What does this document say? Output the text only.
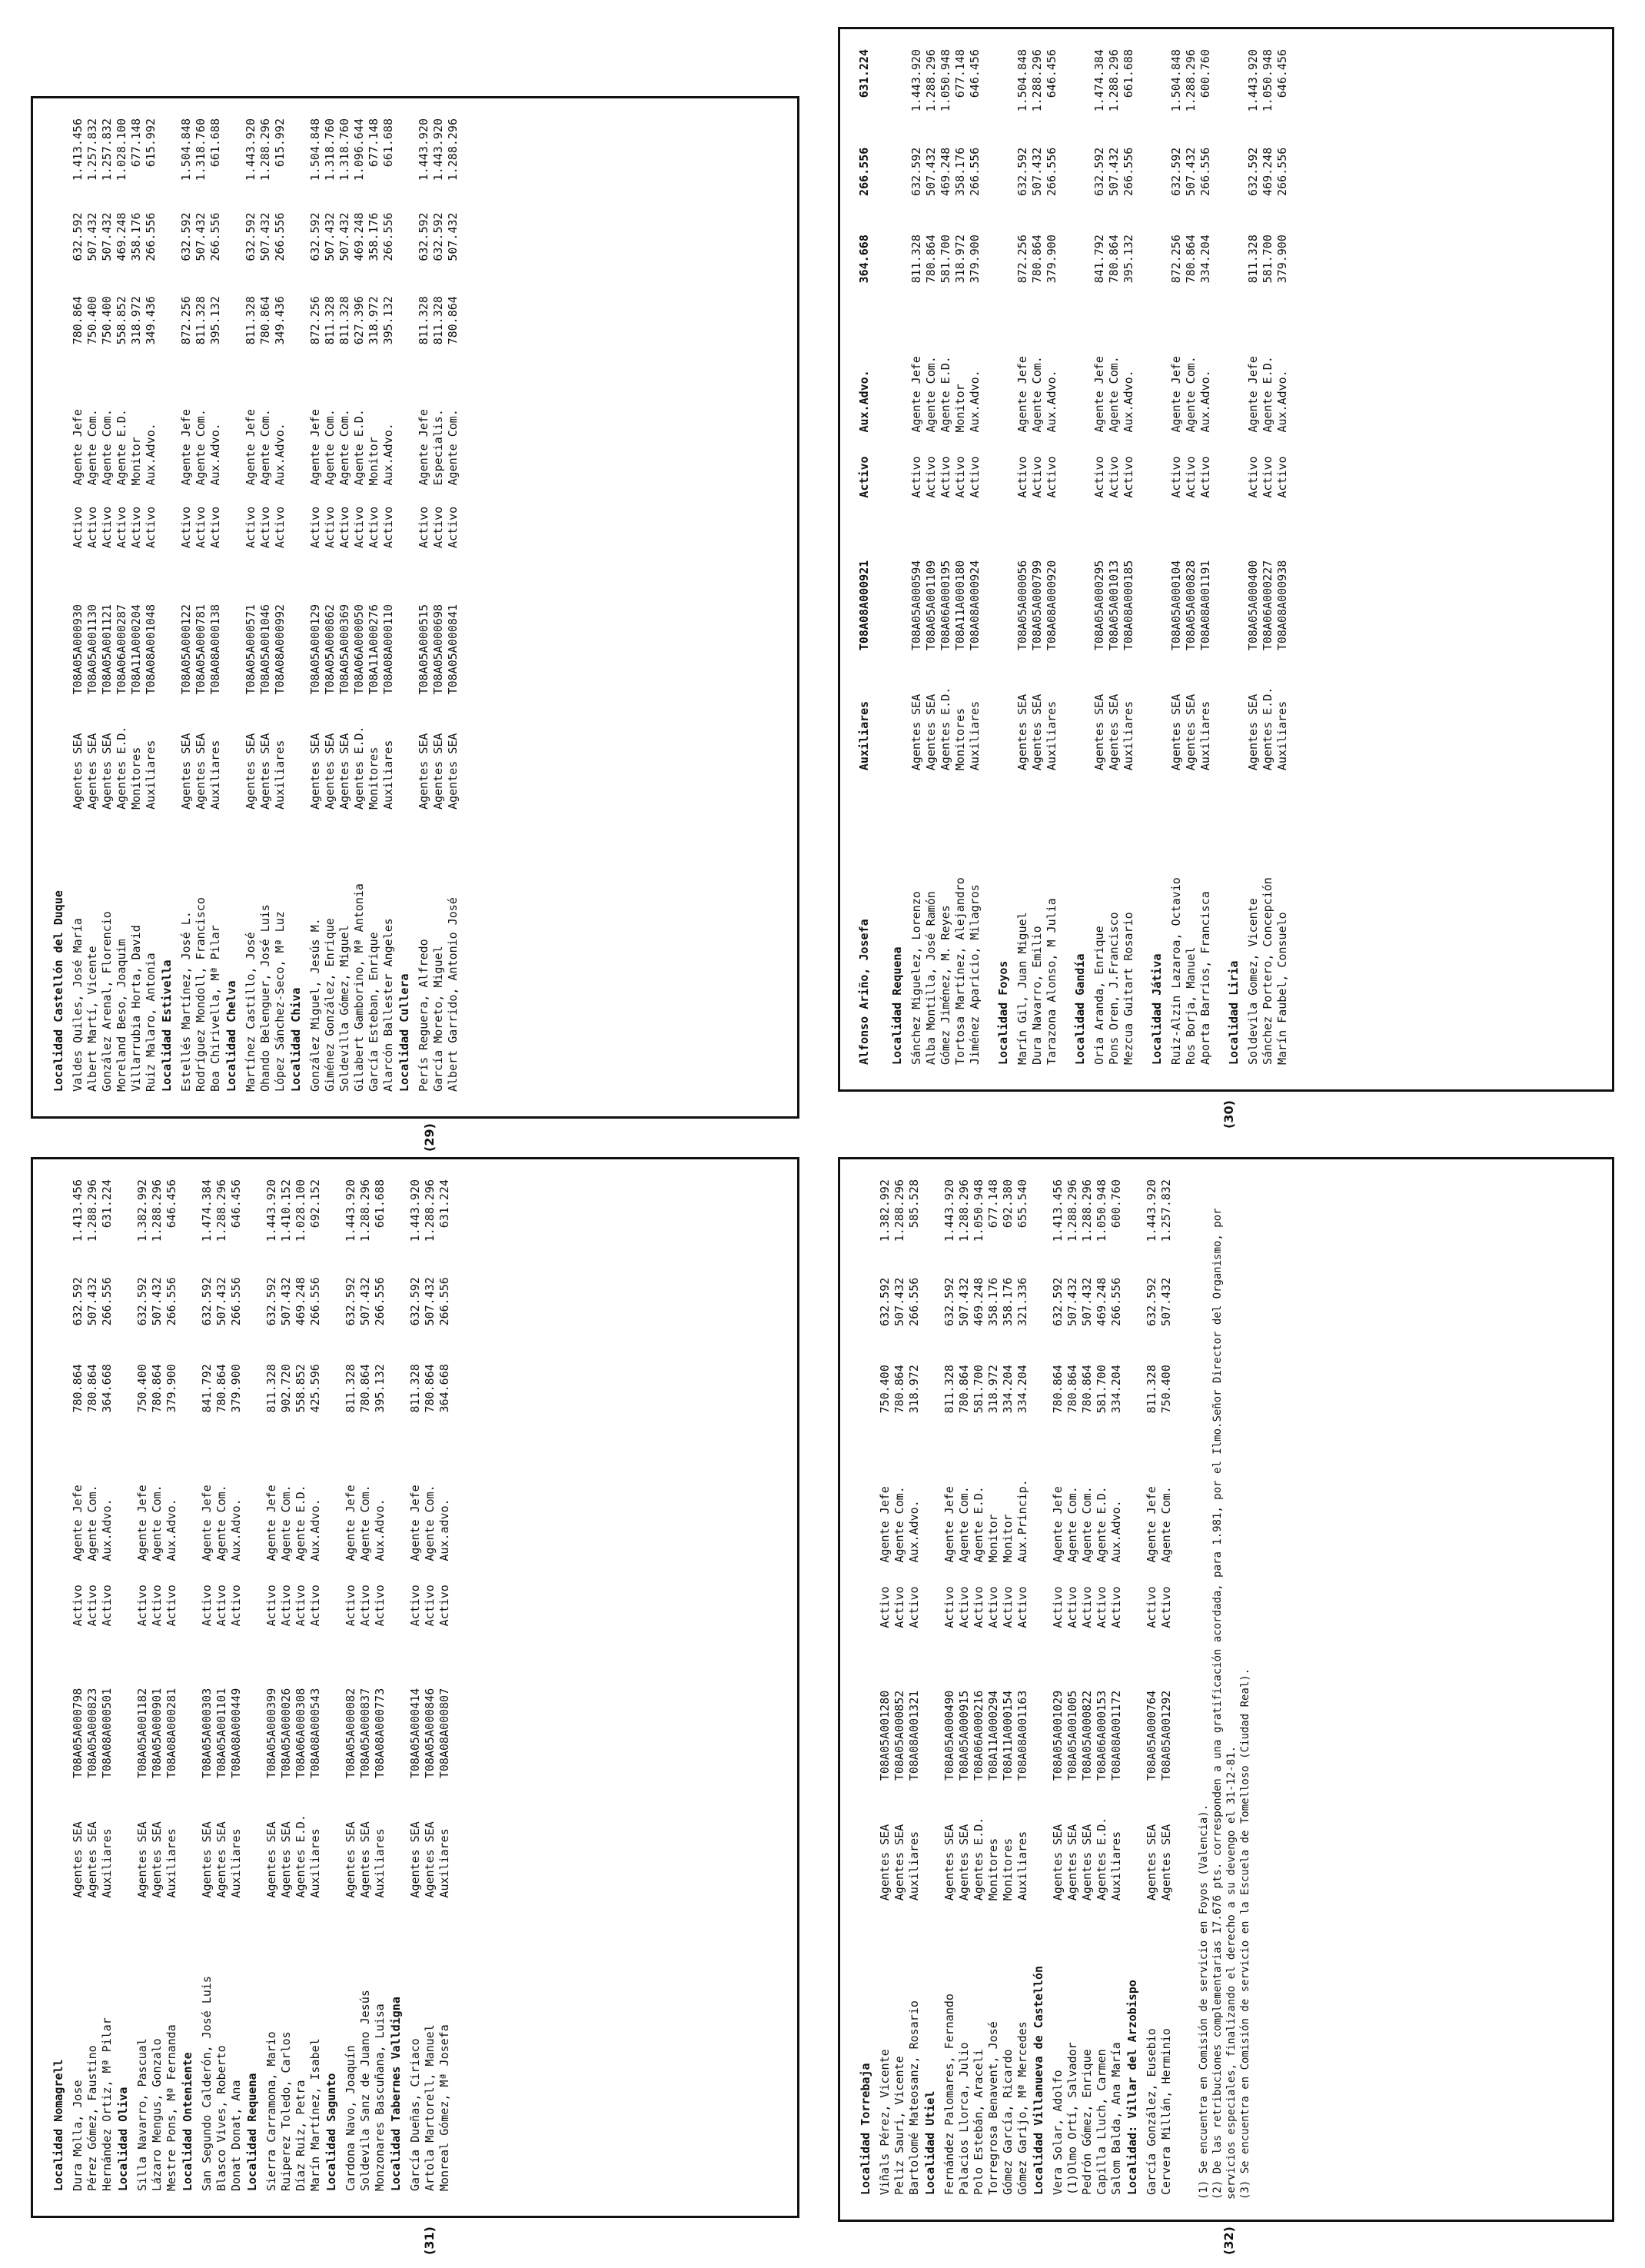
Localidad Castellón del Duque							
Valdes Quiles, José María	Agentes SEA	T08A05A000930	Activo	Agente Jefe	780.864	632.592	1.413.456
Albert Martí, Vicente	Agentes SEA	T08A05A001130	Activo	Agente Com.	750.400	507.432	1.257.832
González Arenal, Florencio	Agentes SEA	T08A05A001121	Activo	Agente Com.	750.400	507.432	1.257.832
Moreland Beso, Joaquim	Agentes E.D.	T08A06A000287	Activo	Agente E.D.	558.852	469.248	1.028.100
Villarrubia Horta, David	Monitores	T08A11A000204	Activo	Monitor	318.972	358.176	677.148
Ruiz Malaro, Antonia	Auxiliares	T08A08A001048	Activo	Aux.Advo.	349.436	266.556	615.992
Localidad Estivella							
Estellés Martínez, José L.	Agentes SEA	T08A05A000122	Activo	Agente Jefe	872.256	632.592	1.504.848
Rodríguez Mondoll, Francisco	Agentes SEA	T08A05A000781	Activo	Agente Com.	811.328	507.432	1.318.760
Boa Chirivella, Mª Pilar	Auxiliares	T08A08A000138	Activo	Aux.Advo.	395.132	266.556	661.688
Localidad Chelva							
Martínez Castillo, José	Agentes SEA	T08A05A000571	Activo	Agente Jefe	811.328	632.592	1.443.920
Ohando Belenguer, José Luis	Agentes SEA	T08A05A001046	Activo	Agente Com.	780.864	507.432	1.288.296
López Sánchez-Seco, Mª Luz	Auxiliares	T08A08A000992	Activo	Aux.Advo.	349.436	266.556	615.992
Localidad Chiva							
González Miguel, Jesús M.	Agentes SEA	T08A05A000129	Activo	Agente Jefe	872.256	632.592	1.504.848
Giménez González, Enrique	Agentes SEA	T08A05A000862	Activo	Agente Com.	811.328	507.432	1.318.760
Soldevilla Gómez, Miguel	Agentes SEA	T08A05A000369	Activo	Agente Com.	811.328	507.432	1.318.760
Gilabert Gamborino, Mª Antonia	Agentes E.D.	T08A06A000050	Activo	Agente E.D.	627.396	469.248	1.096.644
García Esteban, Enrique	Monitores	T08A11A000276	Activo	Monitor	318.972	358.176	677.148
Alarcón Ballester Angeles	Auxiliares	T08A08A000110	Activo	Aux.Advo.	395.132	266.556	661.688
Localidad Cullera							
Perís Reguera, Alfredo	Agentes SEA	T08A05A000515	Activo	Agente Jefe	811.328	632.592	1.443.920
García Moreto, Miguel	Agentes SEA	T08A05A000698	Activo	Especialis.	811.328	632.592	1.443.920
Albert Garrido, Antonio José	Agentes SEA	T08A05A000841	Activo	Agente Com.	780.864	507.432	1.288.296
Alfonso Ariño, Josefa	Auxiliares	T08A08A000921	Activo	Aux.Advo.	364.668	266.556	631.224
Localidad Requena							
Sánchez Miguelez, Lorenzo	Agentes SEA	T08A05A000594	Activo	Agente Jefe	811.328	632.592	1.443.920
Alba Montilla, José Ramón	Agentes SEA	T08A05A001109	Activo	Agente Com.	780.864	507.432	1.288.296
Gómez Jiménez, M. Reyes	Agentes E.D.	T08A06A000195	Activo	Agente E.D.	581.700	469.248	1.050.948
Tortosa Martínez, Alejandro	Monitores	T08A11A000180	Activo	Monitor	318.972	358.176	677.148
Jiménez Aparicio, Milagros	Auxiliares	T08A08A000924	Activo	Aux.Advo.	379.900	266.556	646.456
Localidad Foyos							
Marín Gil, Juan Miguel	Agentes SEA	T08A05A000056	Activo	Agente Jefe	872.256	632.592	1.504.848
Dura Navarro, Emilio	Agentes SEA	T08A05A000799	Activo	Agente Com.	780.864	507.432	1.288.296
Tarazona Alonso, M Julia	Auxiliares	T08A08A000920	Activo	Aux.Advo.	379.900	266.556	646.456
Localidad Gandía							
Oria Aranda, Enrique	Agentes SEA	T08A05A000295	Activo	Agente Jefe	841.792	632.592	1.474.384
Pons Oren, J.Francisco	Agentes SEA	T08A05A001013	Activo	Agente Com.	780.864	507.432	1.288.296
Mezcua Guitart Rosario	Auxiliares	T08A08A000185	Activo	Aux.Advo.	395.132	266.556	661.688
Localidad Játiva							
Ruiz-Alzin Lazaroa, Octavio	Agentes SEA	T08A05A000104	Activo	Agente Jefe	872.256	632.592	1.504.848
Ros Borja, Manuel	Agentes SEA	T08A05A000828	Activo	Agente Com.	780.864	507.432	1.288.296
Aporta Barrios, Francisca	Auxiliares	T08A08A001191	Activo	Aux.Advo.	334.204	266.556	600.760
Localidad Liria							
Soldevila Gomez, Vicente	Agentes SEA	T08A05A000400	Activo	Agente Jefe	811.328	632.592	1.443.920
Sánchez Portero, Concepción	Agentes E.D.	T08A06A000227	Activo	Agente E.D.	581.700	469.248	1.050.948
Marín Faubel, Consuelo	Auxiliares	T08A08A000938	Activo	Aux.Advo.	379.900	266.556	646.456
Localidad Nomagrell							
Dura Molla, Jose	Agentes SEA	T08A05A000798	Activo	Agente Jefe	780.864	632.592	1.413.456
Pérez Gómez, Faustino	Agentes SEA	T08A05A000823	Activo	Agente Com.	780.864	507.432	1.288.296
Hernández Ortiz, Mª Pilar	Auxiliares	T08A08A000501	Activo	Aux.Advo.	364.668	266.556	631.224
Localidad Oliva							
Silla Navarro, Pascual	Agentes SEA	T08A05A001182	Activo	Agente Jefe	750.400	632.592	1.382.992
Lázaro Mengus, Gonzalo	Agentes SEA	T08A05A000901	Activo	Agente Com.	780.864	507.432	1.288.296
Mestre Pons, Mª Fernanda	Auxiliares	T08A08A000281	Activo	Aux.Advo.	379.900	266.556	646.456
Localidad Onteniente							
San Segundo Calderón, José Luis	Agentes SEA	T08A05A000303	Activo	Agente Jefe	841.792	632.592	1.474.384
Blasco Vives, Roberto	Agentes SEA	T08A05A001101	Activo	Agente Com.	780.864	507.432	1.288.296
Donat Donat, Ana	Auxiliares	T08A08A000449	Activo	Aux.Advo.	379.900	266.556	646.456
Localidad Requena							
Sierra Carramona, Mario	Agentes SEA	T08A05A000399	Activo	Agente Jefe	811.328	632.592	1.443.920
Ruiperez Toledo, Carlos	Agentes SEA	T08A05A000026	Activo	Agente Com.	902.720	507.432	1.410.152
Díaz Ruiz, Petra	Agentes E.D.	T08A06A000308	Activo	Agente E.D.	558.852	469.248	1.028.100
Marín Martínez, Isabel	Auxiliares	T08A08A000543	Activo	Aux.Advo.	425.596	266.556	692.152
Localidad Sagunto							
Cardona Navo, Joaquín	Agentes SEA	T08A05A000082	Activo	Agente Jefe	811.328	632.592	1.443.920
Soldevila Sanz de Juano Jesús	Agentes SEA	T08A05A000837	Activo	Agente Com.	780.864	507.432	1.288.296
Monzonares Bascuñana, Luisa	Auxiliares	T08A08A000773	Activo	Aux.Advo.	395.132	266.556	661.688
Localidad Tabernes Valldigna							
García Dueñas, Ciriaco	Agentes SEA	T08A05A000414	Activo	Agente Jefe	811.328	632.592	1.443.920
Artola Martorell, Manuel	Agentes SEA	T08A05A000846	Activo	Agente Com.	780.864	507.432	1.288.296
Monreal Gómez, Mª Josefa	Auxiliares	T08A08A000807	Activo	Aux.advo.	364.668	266.556	631.224
Localidad Torrebaja							
Viñals Pérez, Vicente	Agentes SEA	T08A05A001280	Activo	Agente Jefe	750.400	632.592	1.382.992
Peliz Sauri, Vicente	Agentes SEA	T08A05A000852	Activo	Agente Com.	780.864	507.432	1.288.296
Bartolomé Mateosanz, Rosario	Auxiliares	T08A08A001321	Activo	Aux.Advo.	318.972	266.556	585.528
Localidad Utiel							
Fernández Palomares, Fernando	Agentes SEA	T08A05A000490	Activo	Agente Jefe	811.328	632.592	1.443.920
Palacios Llorca, Julio	Agentes SEA	T08A05A000915	Activo	Agente Com.	780.864	507.432	1.288.296
Polo Estebán, Araceli	Agentes E.D.	T08A06A000216	Activo	Agente E.D.	581.700	469.248	1.050.948
Torregrosa Benavent, José	Monitores	T08A11A000294	Activo	Monitor	318.972	358.176	677.148
Gómez García, Ricardo	Monitores	T08A11A000154	Activo	Monitor	334.204	358.176	692.380
Gómez Garijo, Mª Mercedes	Auxiliares	T08A08A001163	Activo	Aux.Princip.	334.204	321.336	655.540
Localidad Villanueva de Castellón							
Vera Solar, Adolfo	Agentes SEA	T08A05A001029	Activo	Agente Jefe	780.864	632.592	1.413.456
(1)Olmo Ortí, Salvador	Agentes SEA	T08A05A001005	Activo	Agente Com.	780.864	507.432	1.288.296
Pedrón Gómez, Enrique	Agentes SEA	T08A05A000822	Activo	Agente Com.	780.864	507.432	1.288.296
Capilla Lluch, Carmen	Agentes E.D.	T08A06A000153	Activo	Agente E.D.	581.700	469.248	1.050.948
Salom Balda, Ana María	Auxiliares	T08A08A001172	Activo	Aux.Advo.	334.204	266.556	600.760
Localidad: Villar del Arzobispo							
García González, Eusebio	Agentes SEA	T08A05A000764	Activo	Agente Jefe	811.328	632.592	1.443.920
Cervera Millán, Herminio	Agentes SEA	T08A05A001292	Activo	Agente Com.	750.400	507.432	1.257.832
(1) Se encuentra en Comisión de servicio en Foyos (Valencia). (2) De las retribuciones complementarias 17.676 pts. corresponden a una gratificación acordada, para 1.981, por el Ilmo.Señor Director del Organismo, por servicios especiales, finalizando el derecho a su devengo el 31-12-81. (3) Se encuentra en Comisión de servicio en la Escuela de Tomelloso (Ciudad Real).
(29)
(30)
(31)	(32)
